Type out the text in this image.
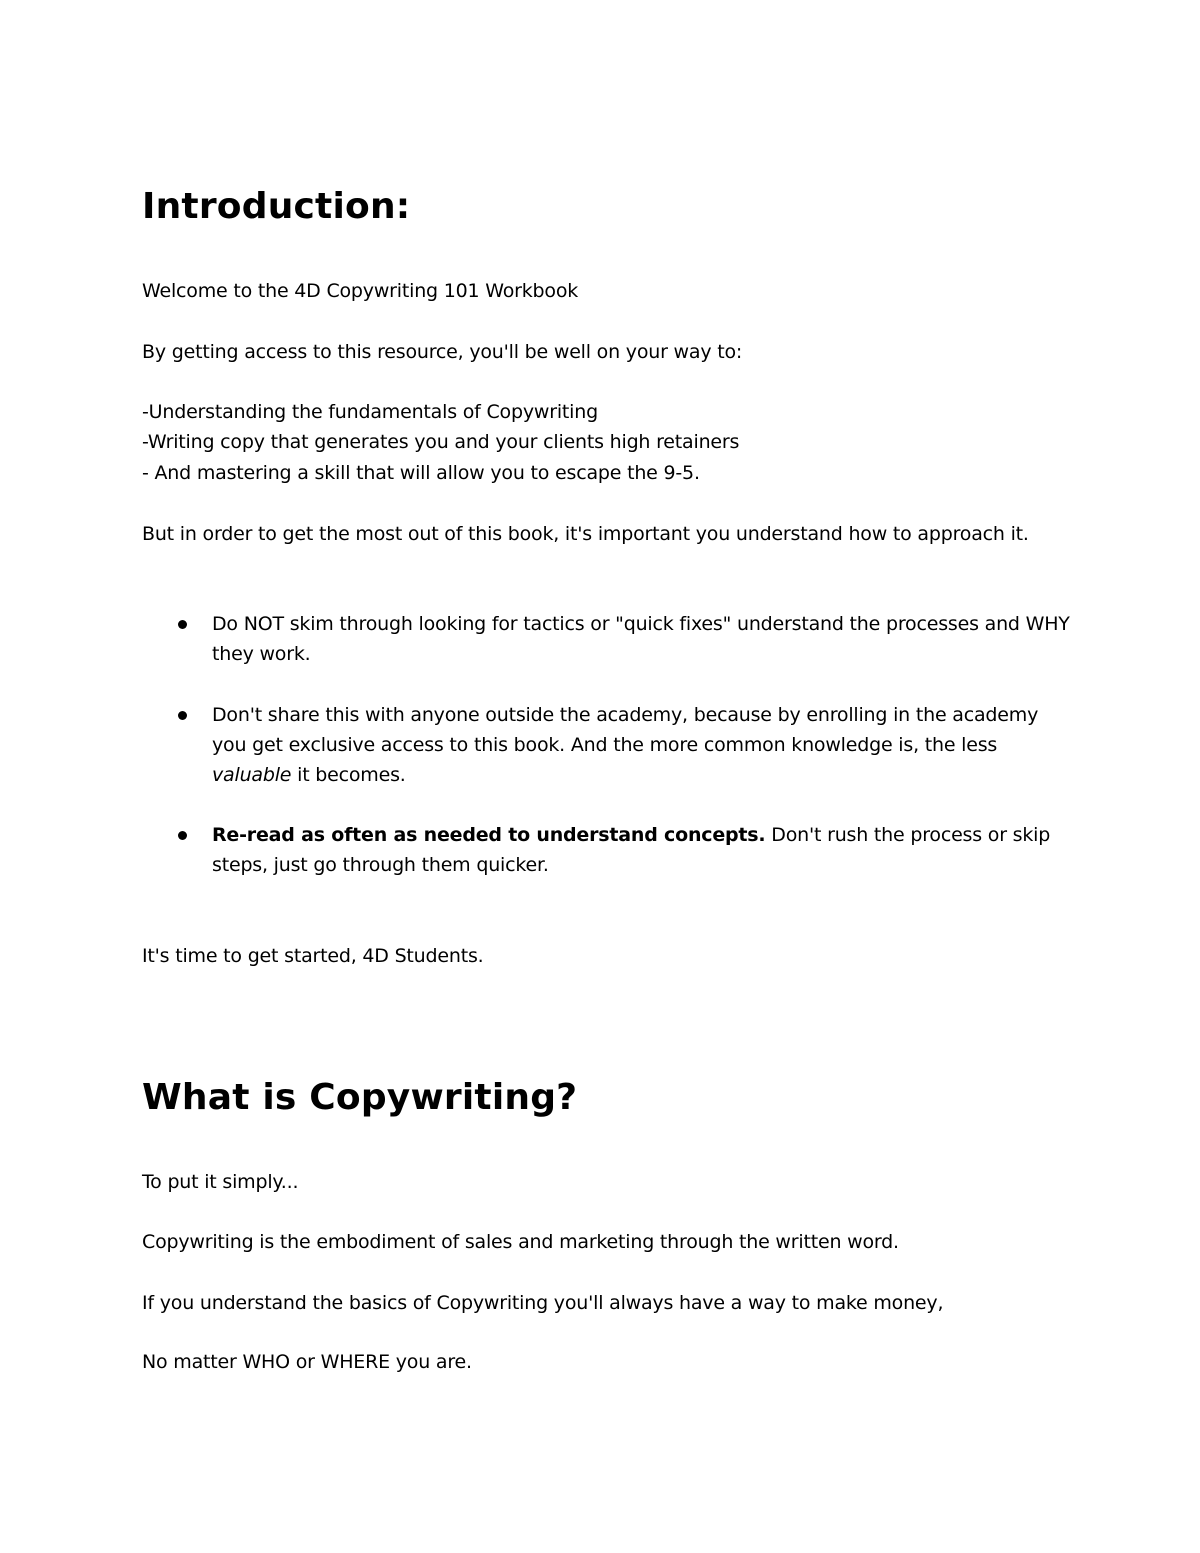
Introduction:

Welcome to the 4D Copywriting 101 Workbook

By getting access to this resource, you'll be well on your way to:

-Understanding the fundamentals of Copywriting

-Writing copy that generates you and your clients high retainers

- And mastering a skill that will allow you to escape the 9-5.

But in order to get the most out of this book, it's important you understand how to approach it.

Do NOT skim through looking for tactics or "quick fixes" understand the processes and WHY they work.
Don't share this with anyone outside the academy, because by enrolling in the academy you get exclusive access to this book. And the more common knowledge is, the less valuable it becomes.
Re-read as often as needed to understand concepts. Don't rush the process or skip steps, just go through them quicker.

It's time to get started, 4D Students.

What is Copywriting?

To put it simply...

Copywriting is the embodiment of sales and marketing through the written word.

If you understand the basics of Copywriting you'll always have a way to make money,

No matter WHO or WHERE you are.
